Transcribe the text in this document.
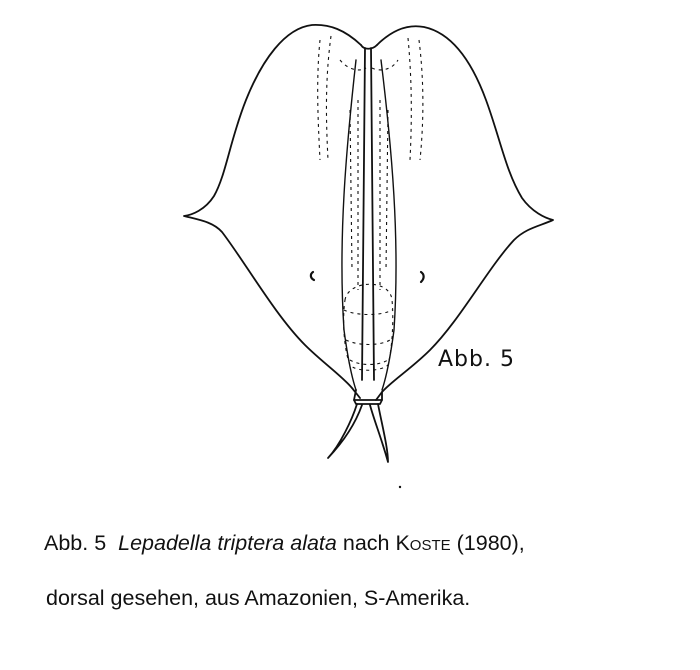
Abb. 5
Abb. 5 Lepadella triptera alata nach Koste (1980),
dorsal gesehen, aus Amazonien, S-Amerika.
